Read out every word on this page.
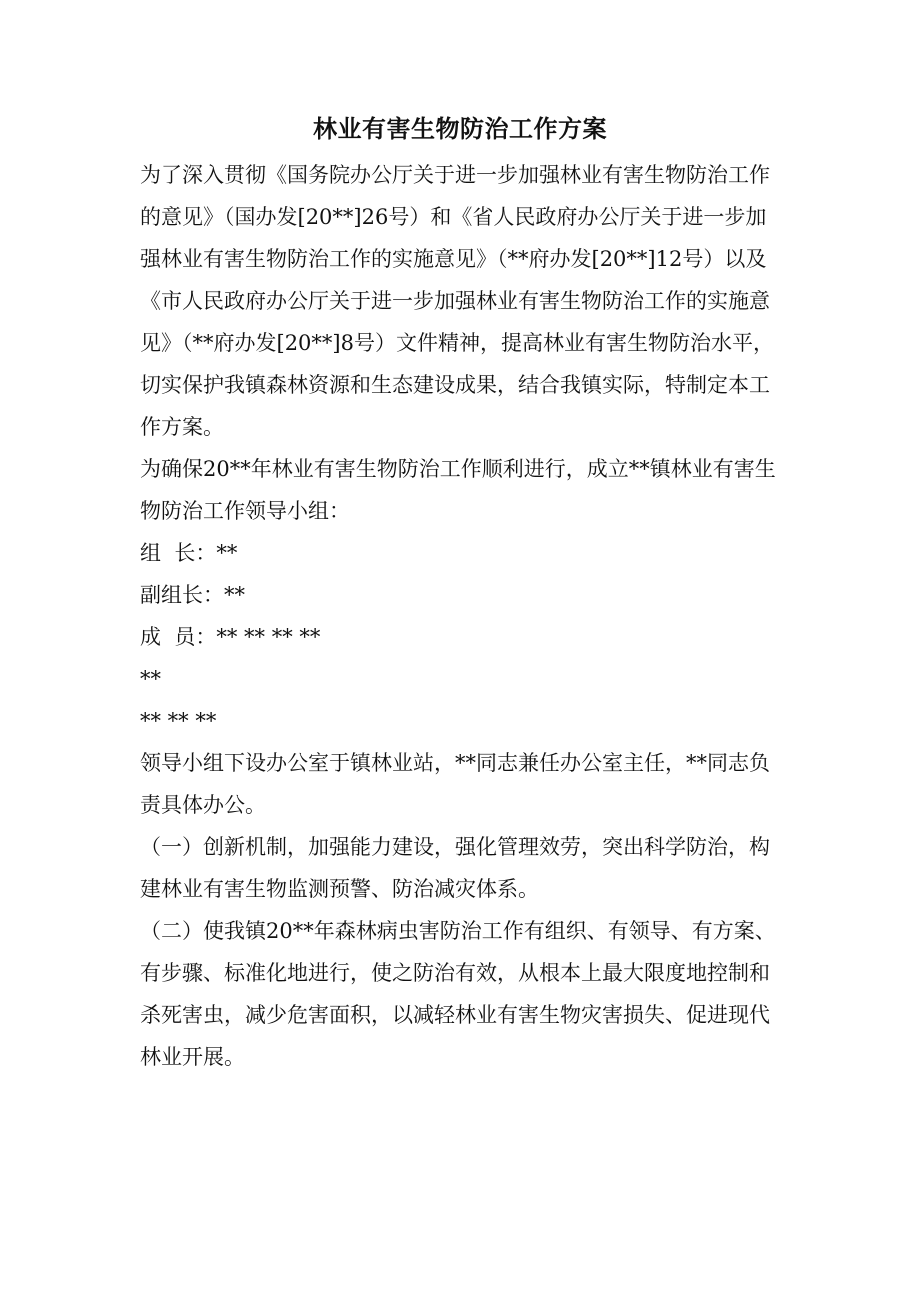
林业有害生物防治工作方案

为了深入贯彻《国务院办公厅关于进一步加强林业有害生物防治工作的意见》（国办发[20**]26号）和《省人民政府办公厅关于进一步加强林业有害生物防治工作的实施意见》（**府办发[20**]12号）以及《市人民政府办公厅关于进一步加强林业有害生物防治工作的实施意见》（**府办发[20**]8号）文件精神，提高林业有害生物防治水平，切实保护我镇森林资源和生态建设成果，结合我镇实际，特制定本工作方案。

为确保20**年林业有害生物防治工作顺利进行，成立**镇林业有害生物防治工作领导小组：

组  长：**

副组长：**

成  员：** ** ** **

**

** ** **

领导小组下设办公室于镇林业站，**同志兼任办公室主任，**同志负责具体办公。

（一）创新机制，加强能力建设，强化管理效劳，突出科学防治，构建林业有害生物监测预警、防治减灾体系。

（二）使我镇20**年森林病虫害防治工作有组织、有领导、有方案、有步骤、标准化地进行，使之防治有效，从根本上最大限度地控制和杀死害虫，减少危害面积，以减轻林业有害生物灾害损失、促进现代林业开展。
